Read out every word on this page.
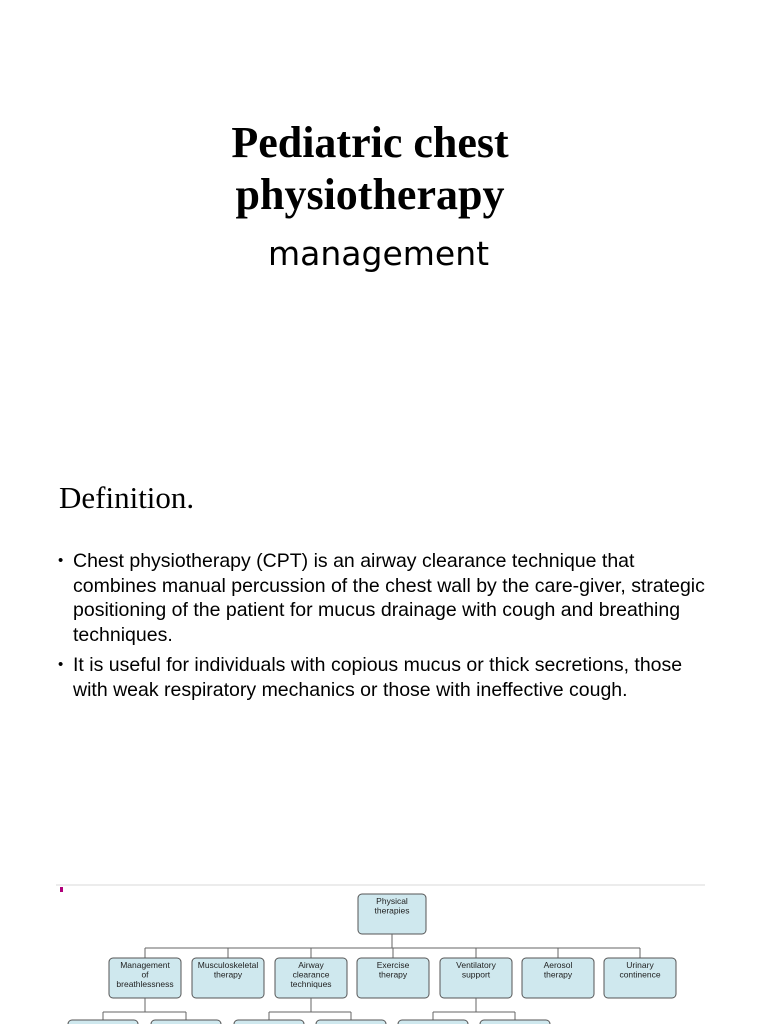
Pediatric chest
physiotherapy
management
Definition.
• Chest physiotherapy (CPT) is an airway clearance technique that combines manual percussion of the chest wall by the care-giver, strategic positioning of the patient for mucus drainage with cough and breathing techniques.
• It is useful for individuals with copious mucus or thick secretions, those with weak respiratory mechanics or those with ineffective cough.
Physical
therapies
Management
of
breathlessness
Musculoskeletal
therapy
Airway
clearance
techniques
Exercise
therapy
Ventilatory
support
Aerosol
therapy
Urinary
continence
